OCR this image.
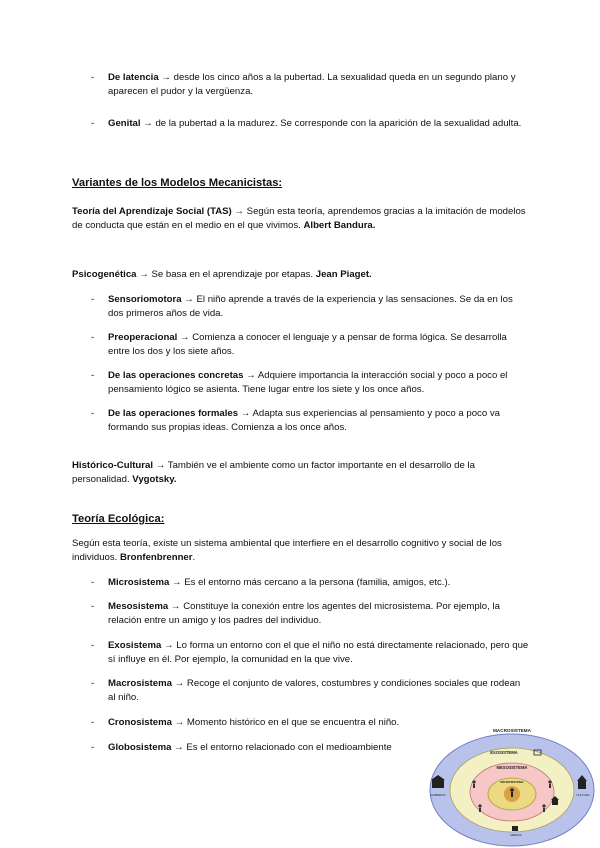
- De latencia → desde los cinco años a la pubertad. La sexualidad queda en un segundo plano y aparecen el pudor y la vergüenza.
- Genital → de la pubertad a la madurez. Se corresponde con la aparición de la sexualidad adulta.
Variantes de los Modelos Mecanicistas:
Teoría del Aprendizaje Social (TAS) → Según esta teoría, aprendemos gracias a la imitación de modelos de conducta que están en el medio en el que vivimos. Albert Bandura.
Psicogenética → Se basa en el aprendizaje por etapas. Jean Piaget.
- Sensoriomotora → El niño aprende a través de la experiencia y las sensaciones. Se da en los dos primeros años de vida.
- Preoperacional → Comienza a conocer el lenguaje y a pensar de forma lógica. Se desarrolla entre los dos y los siete años.
- De las operaciones concretas → Adquiere importancia la interacción social y poco a poco el pensamiento lógico se asienta. Tiene lugar entre los siete y los once años.
- De las operaciones formales → Adapta sus experiencias al pensamiento y poco a poco va formando sus propias ideas. Comienza a los once años.
Histórico-Cultural → También ve el ambiente como un factor importante en el desarrollo de la personalidad. Vygotsky.
Teoría Ecológica:
Según esta teoría, existe un sistema ambiental que interfiere en el desarrollo cognitivo y social de los individuos. Bronfenbrenner.
- Microsistema → Es el entorno más cercano a la persona (familia, amigos, etc.).
- Mesosistema → Constituye la conexión entre los agentes del microsistema. Por ejemplo, la relación entre un amigo y los padres del individuo.
- Exosistema → Lo forma un entorno con el que el niño no está directamente relacionado, pero que sí influye en él. Por ejemplo, la comunidad en la que vive.
- Macrosistema → Recoge el conjunto de valores, costumbres y condiciones sociales que rodean al niño.
- Cronosistema → Momento histórico en el que se encuentra el niño.
- Globosistema → Es el entorno relacionado con el medioambiente
MACROSISTEMA
EXOSISTEMA
MESOSISTEMA
MICROSISTEMA
GOBIERNO	CULTURA
MEDIOS
